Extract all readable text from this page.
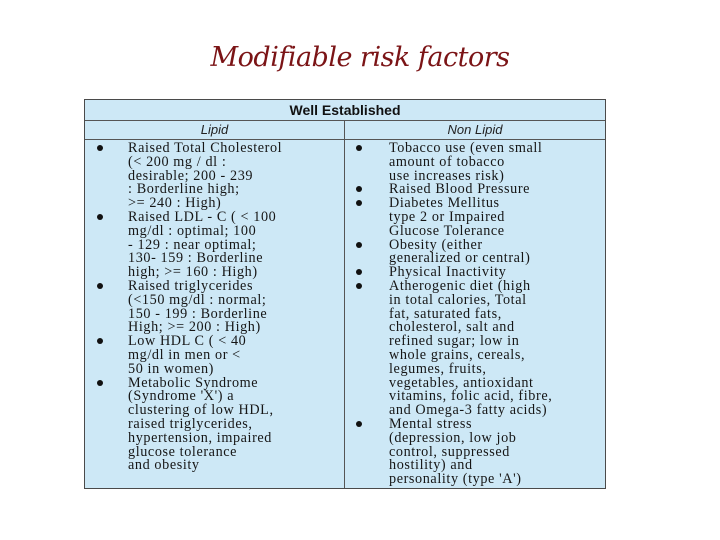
Modifiable risk factors
Well Established
Lipid	Non Lipid
Raised Total Cholesterol
(< 200 mg / dl :
desirable; 200 - 239
: Borderline high;
>= 240 : High)
Raised LDL - C ( < 100
mg/dl : optimal; 100
- 129 : near optimal;
130- 159 : Borderline
high; >= 160 : High)
Raised triglycerides
(<150 mg/dl : normal;
150 - 199 : Borderline
High; >= 200 : High)
Low HDL C ( < 40
mg/dl in men or <
50 in women)
Metabolic Syndrome
(Syndrome 'X') a
clustering of low HDL,
raised triglycerides,
hypertension, impaired
glucose tolerance
and obesity
Tobacco use (even small
amount of tobacco
use increases risk)
Raised Blood Pressure
Diabetes Mellitus
type 2 or Impaired
Glucose Tolerance
Obesity (either
generalized or central)
Physical Inactivity
Atherogenic diet (high
in total calories, Total
fat, saturated fats,
cholesterol, salt and
refined sugar; low in
whole grains, cereals,
legumes, fruits,
vegetables, antioxidant
vitamins, folic acid, fibre,
and Omega-3 fatty acids)
Mental stress
(depression, low job
control, suppressed
hostility) and
personality (type 'A')
